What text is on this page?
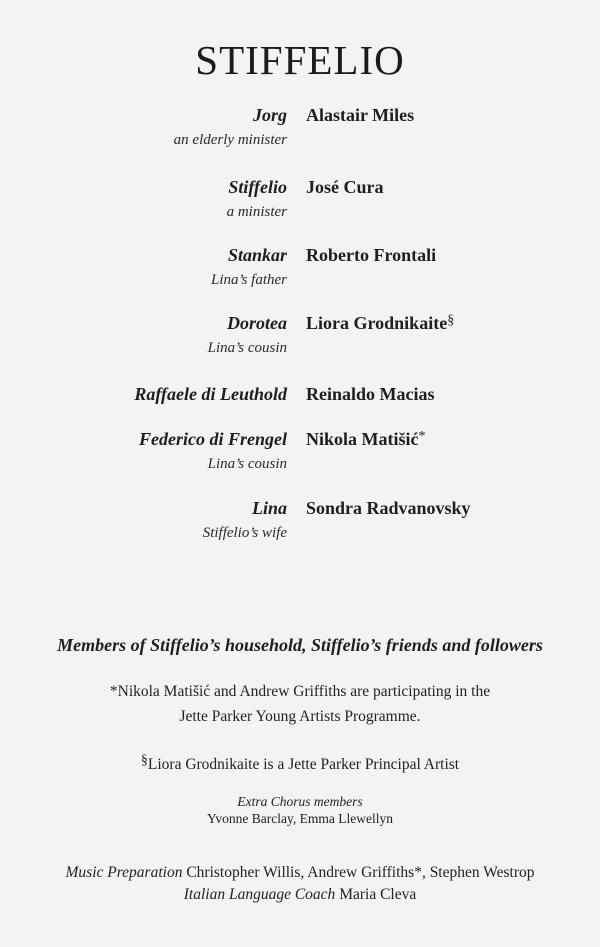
STIFFELIO
Jorg
an elderly minister
Alastair Miles
Stiffelio
a minister
José Cura
Stankar
Lina’s father
Roberto Frontali
Dorotea
Lina’s cousin
Liora Grodnikaite§
Raffaele di Leuthold Reinaldo Macias
Federico di Frengel
Lina’s cousin
Nikola Matišić*
Lina
Stiffelio’s wife
Sondra Radvanovsky
Members of Stiffelio’s household, Stiffelio’s friends and followers
*Nikola Matišić and Andrew Griffiths are participating in the
Jette Parker Young Artists Programme.
§Liora Grodnikaite is a Jette Parker Principal Artist
Extra Chorus members
Yvonne Barclay, Emma Llewellyn
Music Preparation Christopher Willis, Andrew Griffiths*, Stephen Westrop
Italian Language Coach Maria Cleva
